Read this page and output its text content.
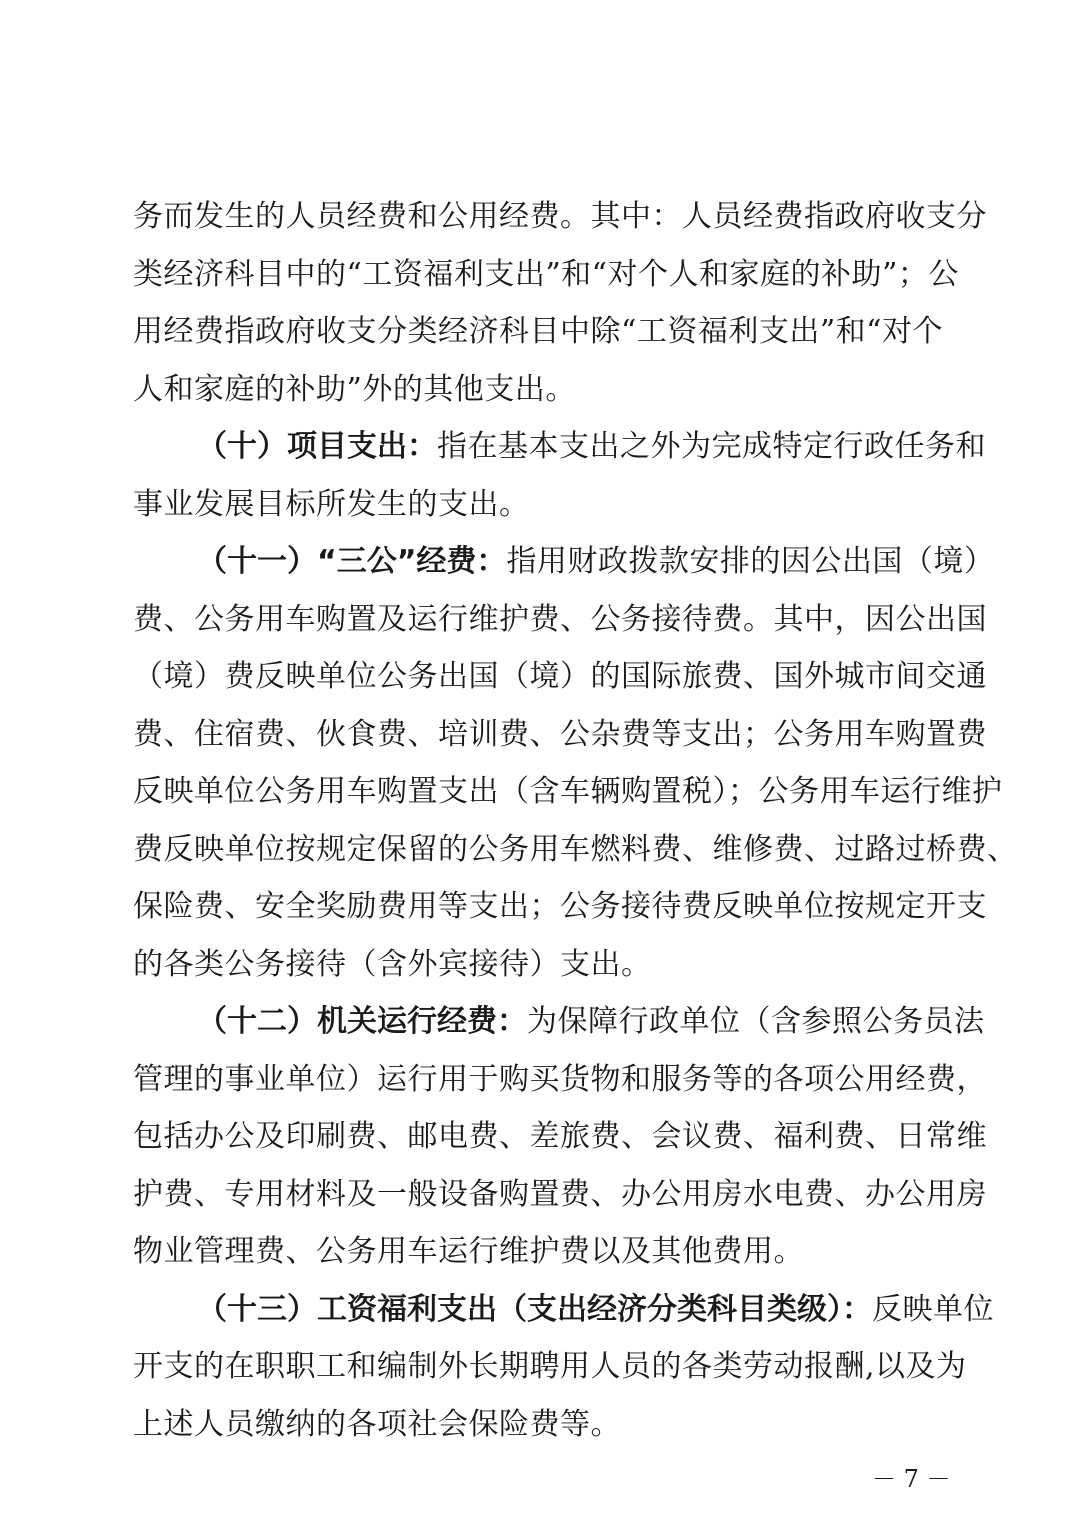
务而发生的人员经费和公用经费。其中：人员经费指政府收支分
类经济科目中的“工资福利支出”和“对个人和家庭的补助”；公
用经费指政府收支分类经济科目中除“工资福利支出”和“对个
人和家庭的补助”外的其他支出。
（十）项目支出：指在基本支出之外为完成特定行政任务和
事业发展目标所发生的支出。
（十一）“三公”经费：指用财政拨款安排的因公出国（境）
费、公务用车购置及运行维护费、公务接待费。其中，因公出国
（境）费反映单位公务出国（境）的国际旅费、国外城市间交通
费、住宿费、伙食费、培训费、公杂费等支出；公务用车购置费
反映单位公务用车购置支出（含车辆购置税）；公务用车运行维护
费反映单位按规定保留的公务用车燃料费、维修费、过路过桥费、
保险费、安全奖励费用等支出；公务接待费反映单位按规定开支
的各类公务接待（含外宾接待）支出。
（十二）机关运行经费：为保障行政单位（含参照公务员法
管理的事业单位）运行用于购买货物和服务等的各项公用经费，
包括办公及印刷费、邮电费、差旅费、会议费、福利费、日常维
护费、专用材料及一般设备购置费、办公用房水电费、办公用房
物业管理费、公务用车运行维护费以及其他费用。
（十三）工资福利支出（支出经济分类科目类级）：反映单位
开支的在职职工和编制外长期聘用人员的各类劳动报酬,以及为
上述人员缴纳的各项社会保险费等。
－ 7 －
